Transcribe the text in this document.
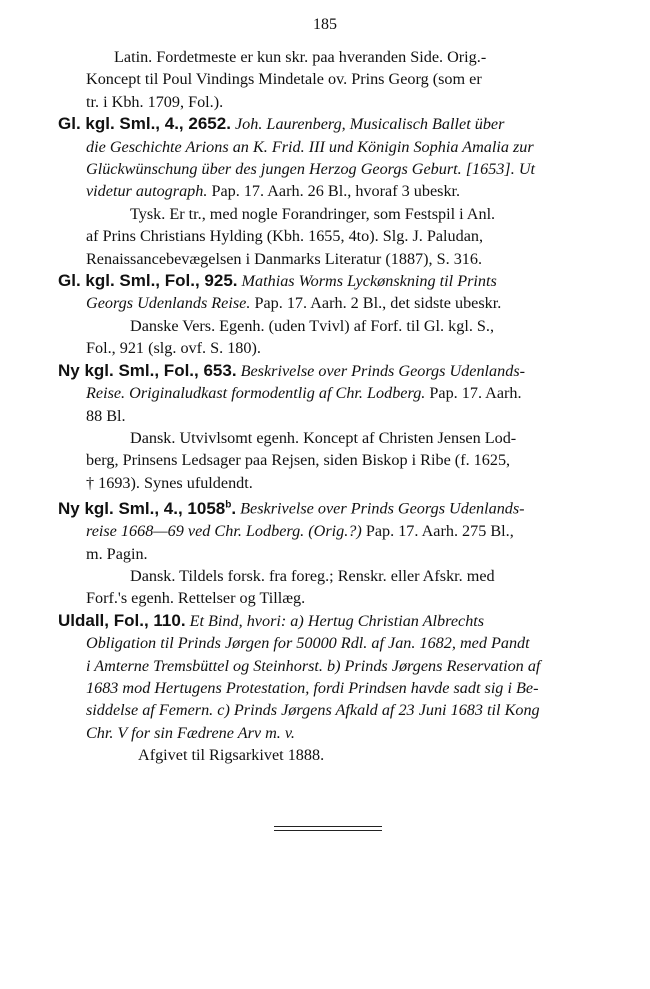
185
Latin. Fordetmeste er kun skr. paa hveranden Side. Orig.-
Koncept til Poul Vindings Mindetale ov. Prins Georg (som er
tr. i Kbh. 1709, Fol.).
Gl. kgl. Sml., 4., 2652. Joh. Laurenberg, Musicalisch Ballet über
die Geschichte Arions an K. Frid. III und Königin Sophia Amalia zur
Glückwünschung über des jungen Herzog Georgs Geburt. [1653]. Ut
videtur autograph. Pap. 17. Aarh. 26 Bl., hvoraf 3 ubeskr.
Tysk. Er tr., med nogle Forandringer, som Festspil i Anl.
af Prins Christians Hylding (Kbh. 1655, 4to). Slg. J. Paludan,
Renaissancebevægelsen i Danmarks Literatur (1887), S. 316.
Gl. kgl. Sml., Fol., 925. Mathias Worms Lyckønskning til Prints
Georgs Udenlands Reise. Pap. 17. Aarh. 2 Bl., det sidste ubeskr.
Danske Vers. Egenh. (uden Tvivl) af Forf. til Gl. kgl. S.,
Fol., 921 (slg. ovf. S. 180).
Ny kgl. Sml., Fol., 653. Beskrivelse over Prinds Georgs Udenlands-
Reise. Originaludkast formodentlig af Chr. Lodberg. Pap. 17. Aarh.
88 Bl.
Dansk. Utvivlsomt egenh. Koncept af Christen Jensen Lod-
berg, Prinsens Ledsager paa Rejsen, siden Biskop i Ribe (f. 1625,
† 1693). Synes ufuldendt.
Ny kgl. Sml., 4., 1058$^b$. Beskrivelse over Prinds Georgs Udenlands-
reise 1668—69 ved Chr. Lodberg. (Orig.?) Pap. 17. Aarh. 275 Bl.,
m. Pagin.
Dansk. Tildels forsk. fra foreg.; Renskr. eller Afskr. med
Forf.'s egenh. Rettelser og Tillæg.
Uldall, Fol., 110. Et Bind, hvori: a) Hertug Christian Albrechts
Obligation til Prinds Jørgen for 50000 Rdl. af Jan. 1682, med Pandt
i Amterne Tremsbüttel og Steinhorst. b) Prinds Jørgens Reservation af
1683 mod Hertugens Protestation, fordi Prindsen havde sadt sig i Be-
siddelse af Femern. c) Prinds Jørgens Afkald af 23 Juni 1683 til Kong
Chr. V for sin Fædrene Arv m. v.
Afgivet til Rigsarkivet 1888.
